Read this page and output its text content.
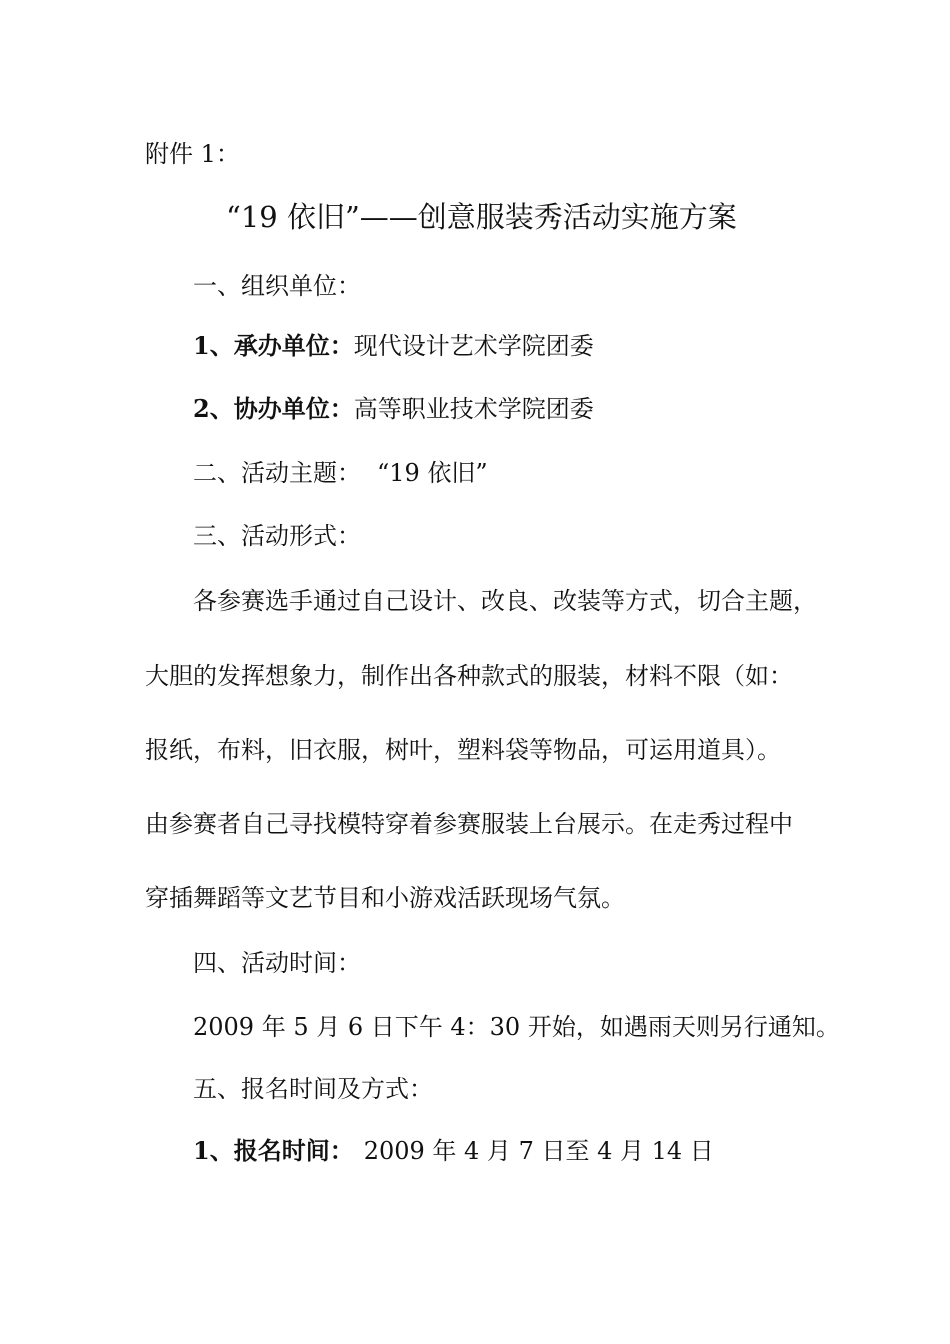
附件 1：
“19 依旧”——创意服装秀活动实施方案
一、组织单位：
1、承办单位：现代设计艺术学院团委
2、协办单位：高等职业技术学院团委
二、活动主题： “19 依旧”
三、活动形式：
各参赛选手通过自己设计、改良、改装等方式，切合主题，
大胆的发挥想象力，制作出各种款式的服装，材料不限（如：
报纸，布料，旧衣服，树叶，塑料袋等物品，可运用道具）。
由参赛者自己寻找模特穿着参赛服装上台展示。在走秀过程中
穿插舞蹈等文艺节目和小游戏活跃现场气氛。
四、活动时间：
2009 年 5 月 6 日下午 4：30 开始，如遇雨天则另行通知。
五、报名时间及方式：
1、报名时间： 2009 年 4 月 7 日至 4 月 14 日
